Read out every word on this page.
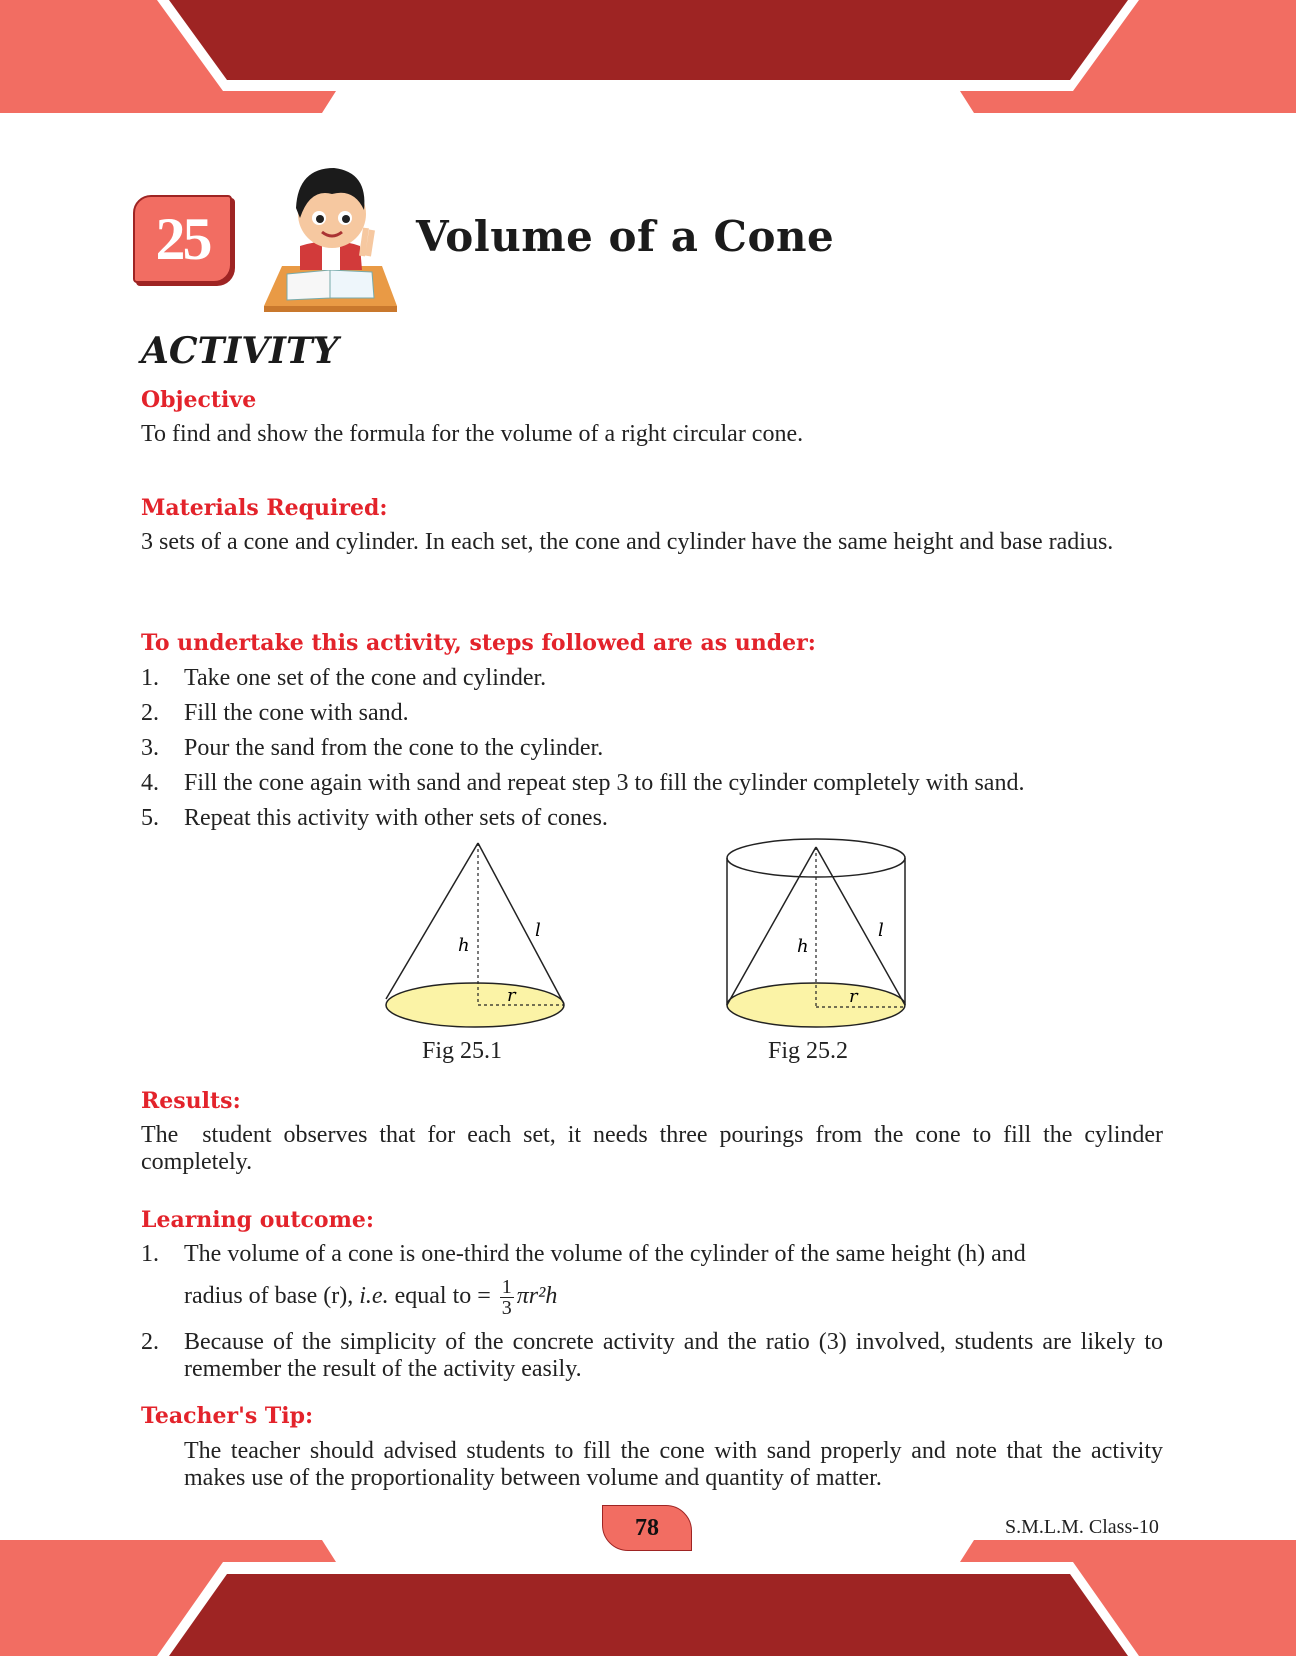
25	Volume of a Cone
ACTIVITY
Objective
To find and show the formula for the volume of a right circular cone.
Materials Required:
3 sets of a cone and cylinder. In each set, the cone and cylinder have the same height and base radius.
To undertake this activity, steps followed are as under:
1. Take one set of the cone and cylinder.
2. Fill the cone with sand.
3. Pour the sand from the cone to the cylinder.
4. Fill the cone again with sand and repeat step 3 to fill the cylinder completely with sand.
5. Repeat this activity with other sets of cones.
h
l
r
Fig 25.1
h
l
r
Fig 25.2
Results:
The  student observes that for each set, it needs three pourings from the cone to fill the cylinder completely.
Learning outcome:
1. The volume of a cone is one-third the volume of the cylinder of the same height (h) and
radius of base (r), i.e. equal to = $\frac{1}{3} \pi r^2h$
2. Because of the simplicity of the concrete activity and the ratio (3) involved, students are likely to remember the result of the activity easily.
Teacher's Tip:
The teacher should advised students to fill the cone with sand properly and note that the activity makes use of the proportionality between volume and quantity of matter.
78	S.M.L.M. Class-10
